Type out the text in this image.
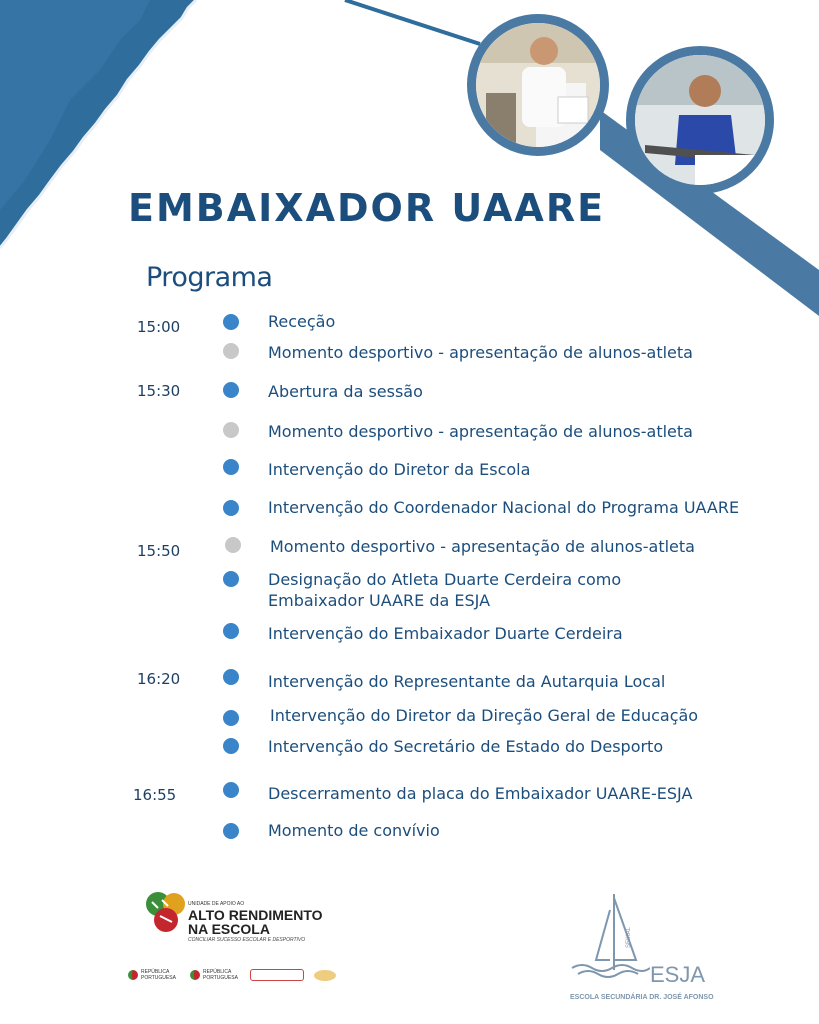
EMBAIXADOR UAARE
Programa
15:00
15:30
15:50
16:20
16:55
Receção
Momento desportivo - apresentação de alunos-atleta
Abertura da sessão
Momento desportivo - apresentação de alunos-atleta
Intervenção do Diretor da Escola
Intervenção do Coordenador Nacional do Programa UAARE
Momento desportivo - apresentação de alunos-atleta
Designação do Atleta Duarte Cerdeira como
Embaixador UAARE da ESJA
Intervenção do Embaixador Duarte Cerdeira
Intervenção do Representante da Autarquia Local
Intervenção do Diretor da Direção Geral de Educação
Intervenção do Secretário de Estado do Desporto
Descerramento da placa do Embaixador UAARE-ESJA
Momento de convívio
UNIDADE DE APOIO AO
ALTO RENDIMENTO
NA ESCOLA
CONCILIAR SUCESSO ESCOLAR E DESPORTIVO
REPÚBLICA
PORTUGUESA
REPÚBLICA
PORTUGUESA
SEIXAL
ESJA
ESCOLA SECUNDÁRIA DR. JOSÉ AFONSO
